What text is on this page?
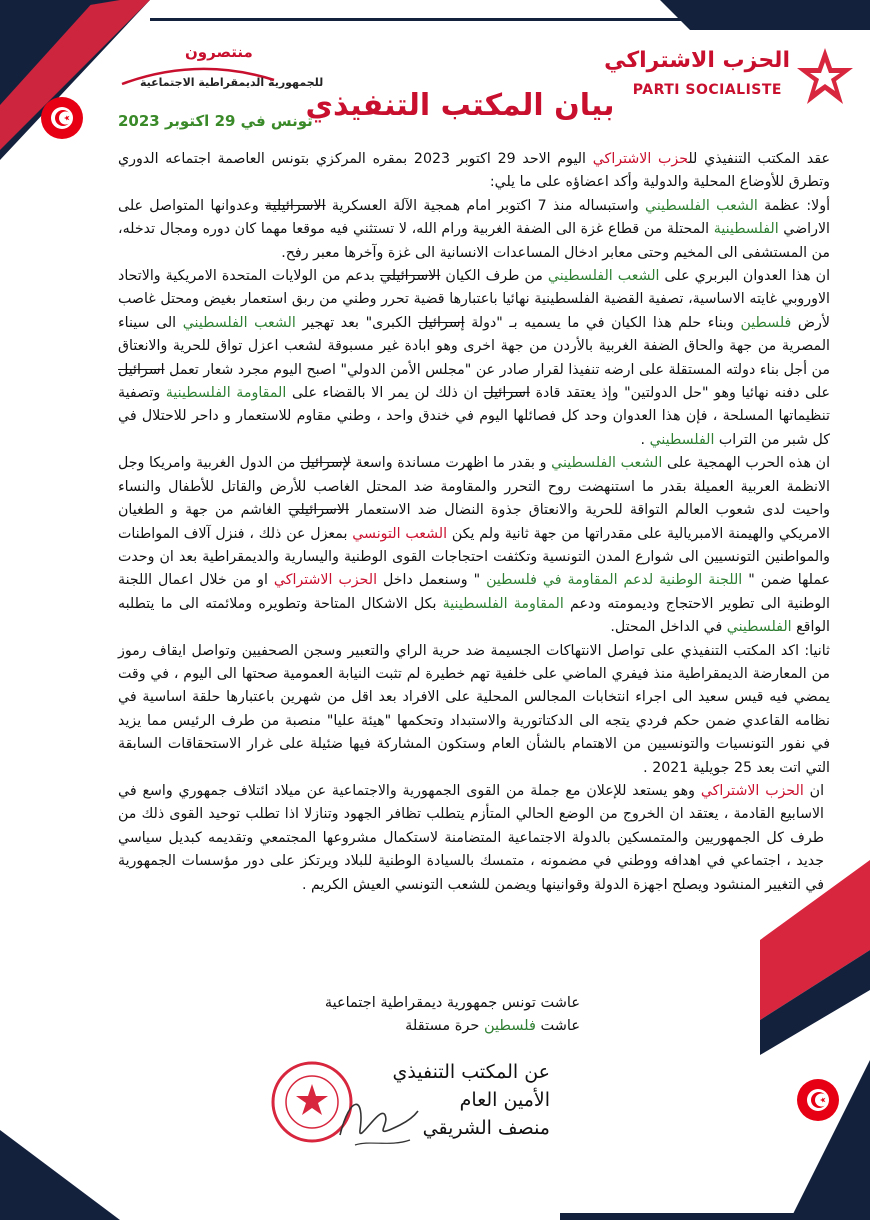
الحزب الاشتراكي
PARTI SOCIALISTE
بيان المكتب التنفيذي
منتصرون
للجمهورية الديمقراطية الاجتماعية
تونس في 29 اكتوبر 2023

عقد المكتب التنفيذي للحزب الاشتراكي اليوم الاحد 29 اكتوبر 2023 بمقره المركزي بتونس العاصمة اجتماعه الدوري وتطرق للأوضاع المحلية والدولية وأكد اعضاؤه على ما يلي:

أولا: عظمة الشعب الفلسطيني واستبساله منذ 7 اكتوبر امام همجية الآلة العسكرية الاسرائيلية وعدوانها المتواصل على الاراضي الفلسطينية المحتلة من قطاع غزة الى الضفة الغربية ورام الله، لا تستثني فيه موقعا مهما كان دوره ومجال تدخله، من المستشفى الى المخيم وحتى معابر ادخال المساعدات الانسانية الى غزة وآخرها معبر رفح.

ان هذا العدوان البربري على الشعب الفلسطيني من طرف الكيان الاسرائيلي بدعم من الولايات المتحدة الامريكية والاتحاد الاوروبي غايته الاساسية، تصفية القضية الفلسطينية نهائيا باعتبارها قضية تحرر وطني من ربق استعمار بغيض ومحتل غاصب لأرض فلسطين وبناء حلم هذا الكيان في ما يسميه بـ "دولة إسرائيل الكبرى" بعد تهجير الشعب الفلسطيني الى سيناء المصرية من جهة والحاق الضفة الغربية بالأردن من جهة اخرى وهو ابادة غير مسبوقة لشعب اعزل تواق للحرية والانعتاق من أجل بناء دولته المستقلة على ارضه تنفيذا لقرار صادر عن "مجلس الأمن الدولي" اصبح اليوم مجرد شعار تعمل اسرائيل على دفنه نهائيا وهو "حل الدولتين" وإذ يعتقد قادة اسرائيل ان ذلك لن يمر الا بالقضاء على المقاومة الفلسطينية وتصفية تنظيماتها المسلحة ، فإن هذا العدوان وحد كل فصائلها اليوم في خندق واحد ، وطني مقاوم للاستعمار و داحر للاحتلال في كل شبر من التراب الفلسطيني .

ان هذه الحرب الهمجية على الشعب الفلسطيني و بقدر ما اظهرت مساندة واسعة لإسرائيل من الدول الغربية وامريكا وجل الانظمة العربية العميلة بقدر ما استنهضت روح التحرر والمقاومة ضد المحتل الغاصب للأرض والقاتل للأطفال والنساء واحيت لدى شعوب العالم التواقة للحرية والانعتاق جذوة النضال ضد الاستعمار الاسرائيلي الغاشم من جهة و الطغيان الامريكي والهيمنة الامبريالية على مقدراتها من جهة ثانية ولم يكن الشعب التونسي بمعزل عن ذلك ، فنزل آلاف المواطنات والمواطنين التونسيين الى شوارع المدن التونسية وتكثفت احتجاجات القوى الوطنية واليسارية والديمقراطية بعد ان وحدت عملها ضمن " اللجنة الوطنية لدعم المقاومة في فلسطين " وسنعمل داخل الحزب الاشتراكي او من خلال اعمال اللجنة الوطنية الى تطوير الاحتجاج وديمومته ودعم المقاومة الفلسطينية بكل الاشكال المتاحة وتطويره وملائمته الى ما يتطلبه الواقع الفلسطيني في الداخل المحتل.

ثانيا: اكد المكتب التنفيذي على تواصل الانتهاكات الجسيمة ضد حرية الراي والتعبير وسجن الصحفيين وتواصل ايقاف رموز من المعارضة الديمقراطية منذ فيفري الماضي على خلفية تهم خطيرة لم تثبت النيابة العمومية صحتها الى اليوم ، في وقت يمضي فيه قيس سعيد الى اجراء انتخابات المجالس المحلية على الافراد بعد اقل من شهرين باعتبارها حلقة اساسية في نظامه القاعدي ضمن حكم فردي يتجه الى الدكتاتورية والاستبداد وتحكمها "هيئة عليا" منصبة من طرف الرئيس مما يزيد في نفور التونسيات والتونسيين من الاهتمام بالشأن العام وستكون المشاركة فيها ضئيلة على غرار الاستحقاقات السابقة التي اتت بعد 25 جويلية 2021 .

ان الحزب الاشتراكي وهو يستعد للإعلان مع جملة من القوى الجمهورية والاجتماعية عن ميلاد ائتلاف جمهوري واسع في الاسابيع القادمة ، يعتقد ان الخروج من الوضع الحالي المتأزم يتطلب تظافر الجهود وتنازلا اذا تطلب توحيد القوى ذلك من طرف كل الجمهوريين والمتمسكين بالدولة الاجتماعية المتضامنة لاستكمال مشروعها المجتمعي وتقديمه كبديل سياسي جديد ، اجتماعي في اهدافه ووطني في مضمونه ، متمسك بالسيادة الوطنية للبلاد ويرتكز على دور مؤسسات الجمهورية في التغيير المنشود ويصلح اجهزة الدولة وقوانينها ويضمن للشعب التونسي العيش الكريم .

عاشت تونس جمهورية ديمقراطية اجتماعية
عاشت فلسطين حرة مستقلة
عن المكتب التنفيذي
الأمين العام
منصف الشريقي
